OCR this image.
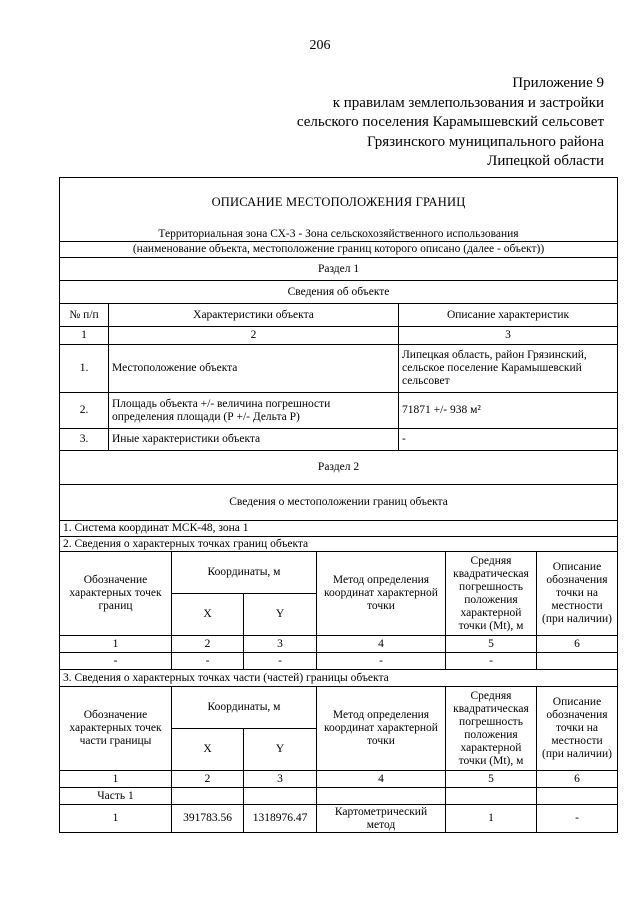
206
Приложение 9
к правилам землепользования и застройки
сельского поселения Карамышевский сельсовет
Грязинского муниципального района
Липецкой области
ОПИСАНИЕ МЕСТОПОЛОЖЕНИЯ ГРАНИЦ		
Территориальная зона СХ-3 - Зона сельскохозяйственного использования		
(наименование объекта, местоположение границ которого описано (далее - объект))		
Раздел 1		
Сведения об объекте		
№ п/п	Характеристики объекта	Описание характеристик
1	2	3
1.	Местоположение объекта	Липецкая область, район Грязинский, сельское поселение Карамышевский сельсовет
2.	Площадь объекта +/- величина погрешности определения площади (Р +/- Дельта Р)	71871 +/- 938 м²
3.	Иные характеристики объекта	-
Раздел 2
Сведения о местоположении границ объекта
1. Система координат МСК-48, зона 1					
2. Сведения о характерных точках границ объекта					
Обозначение характерных точек границ	Координаты, м		Метод определения координат характерной точки	Средняя квадратическая погрешность положения характерной точки (Mt), м	Описание обозначения точки на местности (при наличии)
	X	Y			
1	2	3	4	5	6
-	-	-	-	-	
3. Сведения о характерных точках части (частей) границы объекта					
Обозначение характерных точек части границы	Координаты, м		Метод определения координат характерной точки	Средняя квадратическая погрешность положения характерной точки (Mt), м	Описание обозначения точки на местности (при наличии)
	X	Y			
1	2	3	4	5	6
Часть 1					
1	391783.56	1318976.47	Картометрический метод	1	-
